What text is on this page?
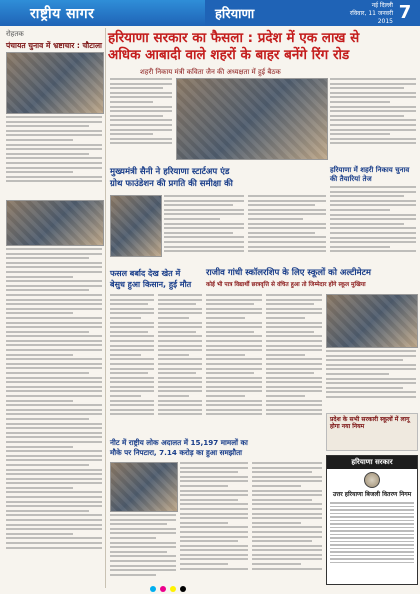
राष्ट्रीय सागर	हरियाणा
नई दिल्ली
रविवार, 11 जनवरी 2015 7
रोहतक
पंचायत चुनाव में भ्रष्टाचार : चौटाला हरियाणा सरकार का फैसला : प्रदेश में एक लाख से
अधिक आबादी वाले शहरों के बाहर बनेंगे रिंग रोड
शहरी निकाय मंत्री कविता जैन की अध्यक्षता में हुई बैठक
मुख्यमंत्री सैनी ने हरियाणा स्टार्टअप एंड
ग्रोथ फाउंडेशन की प्रगति की समीक्षा की
हरियाणा में शहरी निकाय चुनाव की तैयारियां तेज
फसल बर्बाद देख खेत में
बेसुध हुआ किसान, हुई मौत
राजीव गांधी स्कॉलरशिप के लिए स्कूलों को अल्टीमेटम
कोई भी पात्र विद्यार्थी छात्रवृत्ति से वंचित हुआ तो जिम्मेदार होंगे स्कूल मुखिया
नीट में राष्ट्रीय लोक अदालत में 15,197 मामलों का
मौके पर निपटारा, 7.14 करोड़ का हुआ समझौता
प्रदेश के सभी सरकारी स्कूलों में लागू होगा नया नियम
हरियाणा सरकार
उत्तर हरियाणा बिजली वितरण निगम
